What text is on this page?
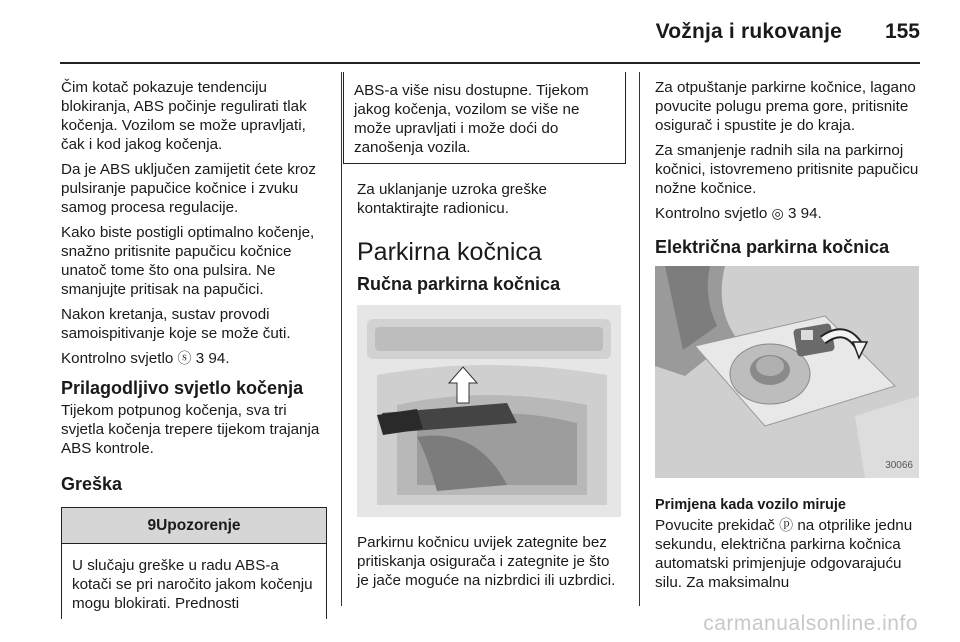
Vožnja i rukovanje 155

Čim kotač pokazuje tendenciju blokiranja, ABS počinje regulirati tlak kočenja. Vozilom se može upravljati, čak i kod jakog kočenja.

Da je ABS uključen zamijetit ćete kroz pulsiranje papučice kočnice i zvuku samog procesa regulacije.

Kako biste postigli optimalno kočenje, snažno pritisnite papučicu kočnice unatoč tome što ona pulsira. Ne smanjujte pritisak na papučici.

Nakon kretanja, sustav provodi samoispitivanje koje se može čuti.

Kontrolno svjetlo ⓢ 3 94.

Prilagodljivo svjetlo kočenja

Tijekom potpunog kočenja, sva tri svjetla kočenja trepere tijekom trajanja ABS kontrole.

Greška
9Upozorenje
U slučaju greške u radu ABS-a kotači se pri naročito jakom kočenju mogu blokirati. Prednosti
ABS-a više nisu dostupne. Tijekom jakog kočenja, vozilom se više ne može upravljati i može doći do zanošenja vozila.

Za uklanjanje uzroka greške kontaktirajte radionicu.

Parkirna kočnica
Ručna parkirna kočnica

Parkirnu kočnicu uvijek zategnite bez pritiskanja osigurača i zategnite je što je jače moguće na nizbrdici ili uzbrdici.

Za otpuštanje parkirne kočnice, lagano povucite polugu prema gore, pritisnite osigurač i spustite je do kraja.

Za smanjenje radnih sila na parkirnoj kočnici, istovremeno pritisnite papučicu nožne kočnice.

Kontrolno svjetlo ◎ 3 94.

Električna parkirna kočnica
30066
Primjena kada vozilo miruje

Povucite prekidač ⓟ na otprilike jednu sekundu, električna parkirna kočnica automatski primjenjuje odgovarajuću silu. Za maksimalnu

carmanualsonline.info
